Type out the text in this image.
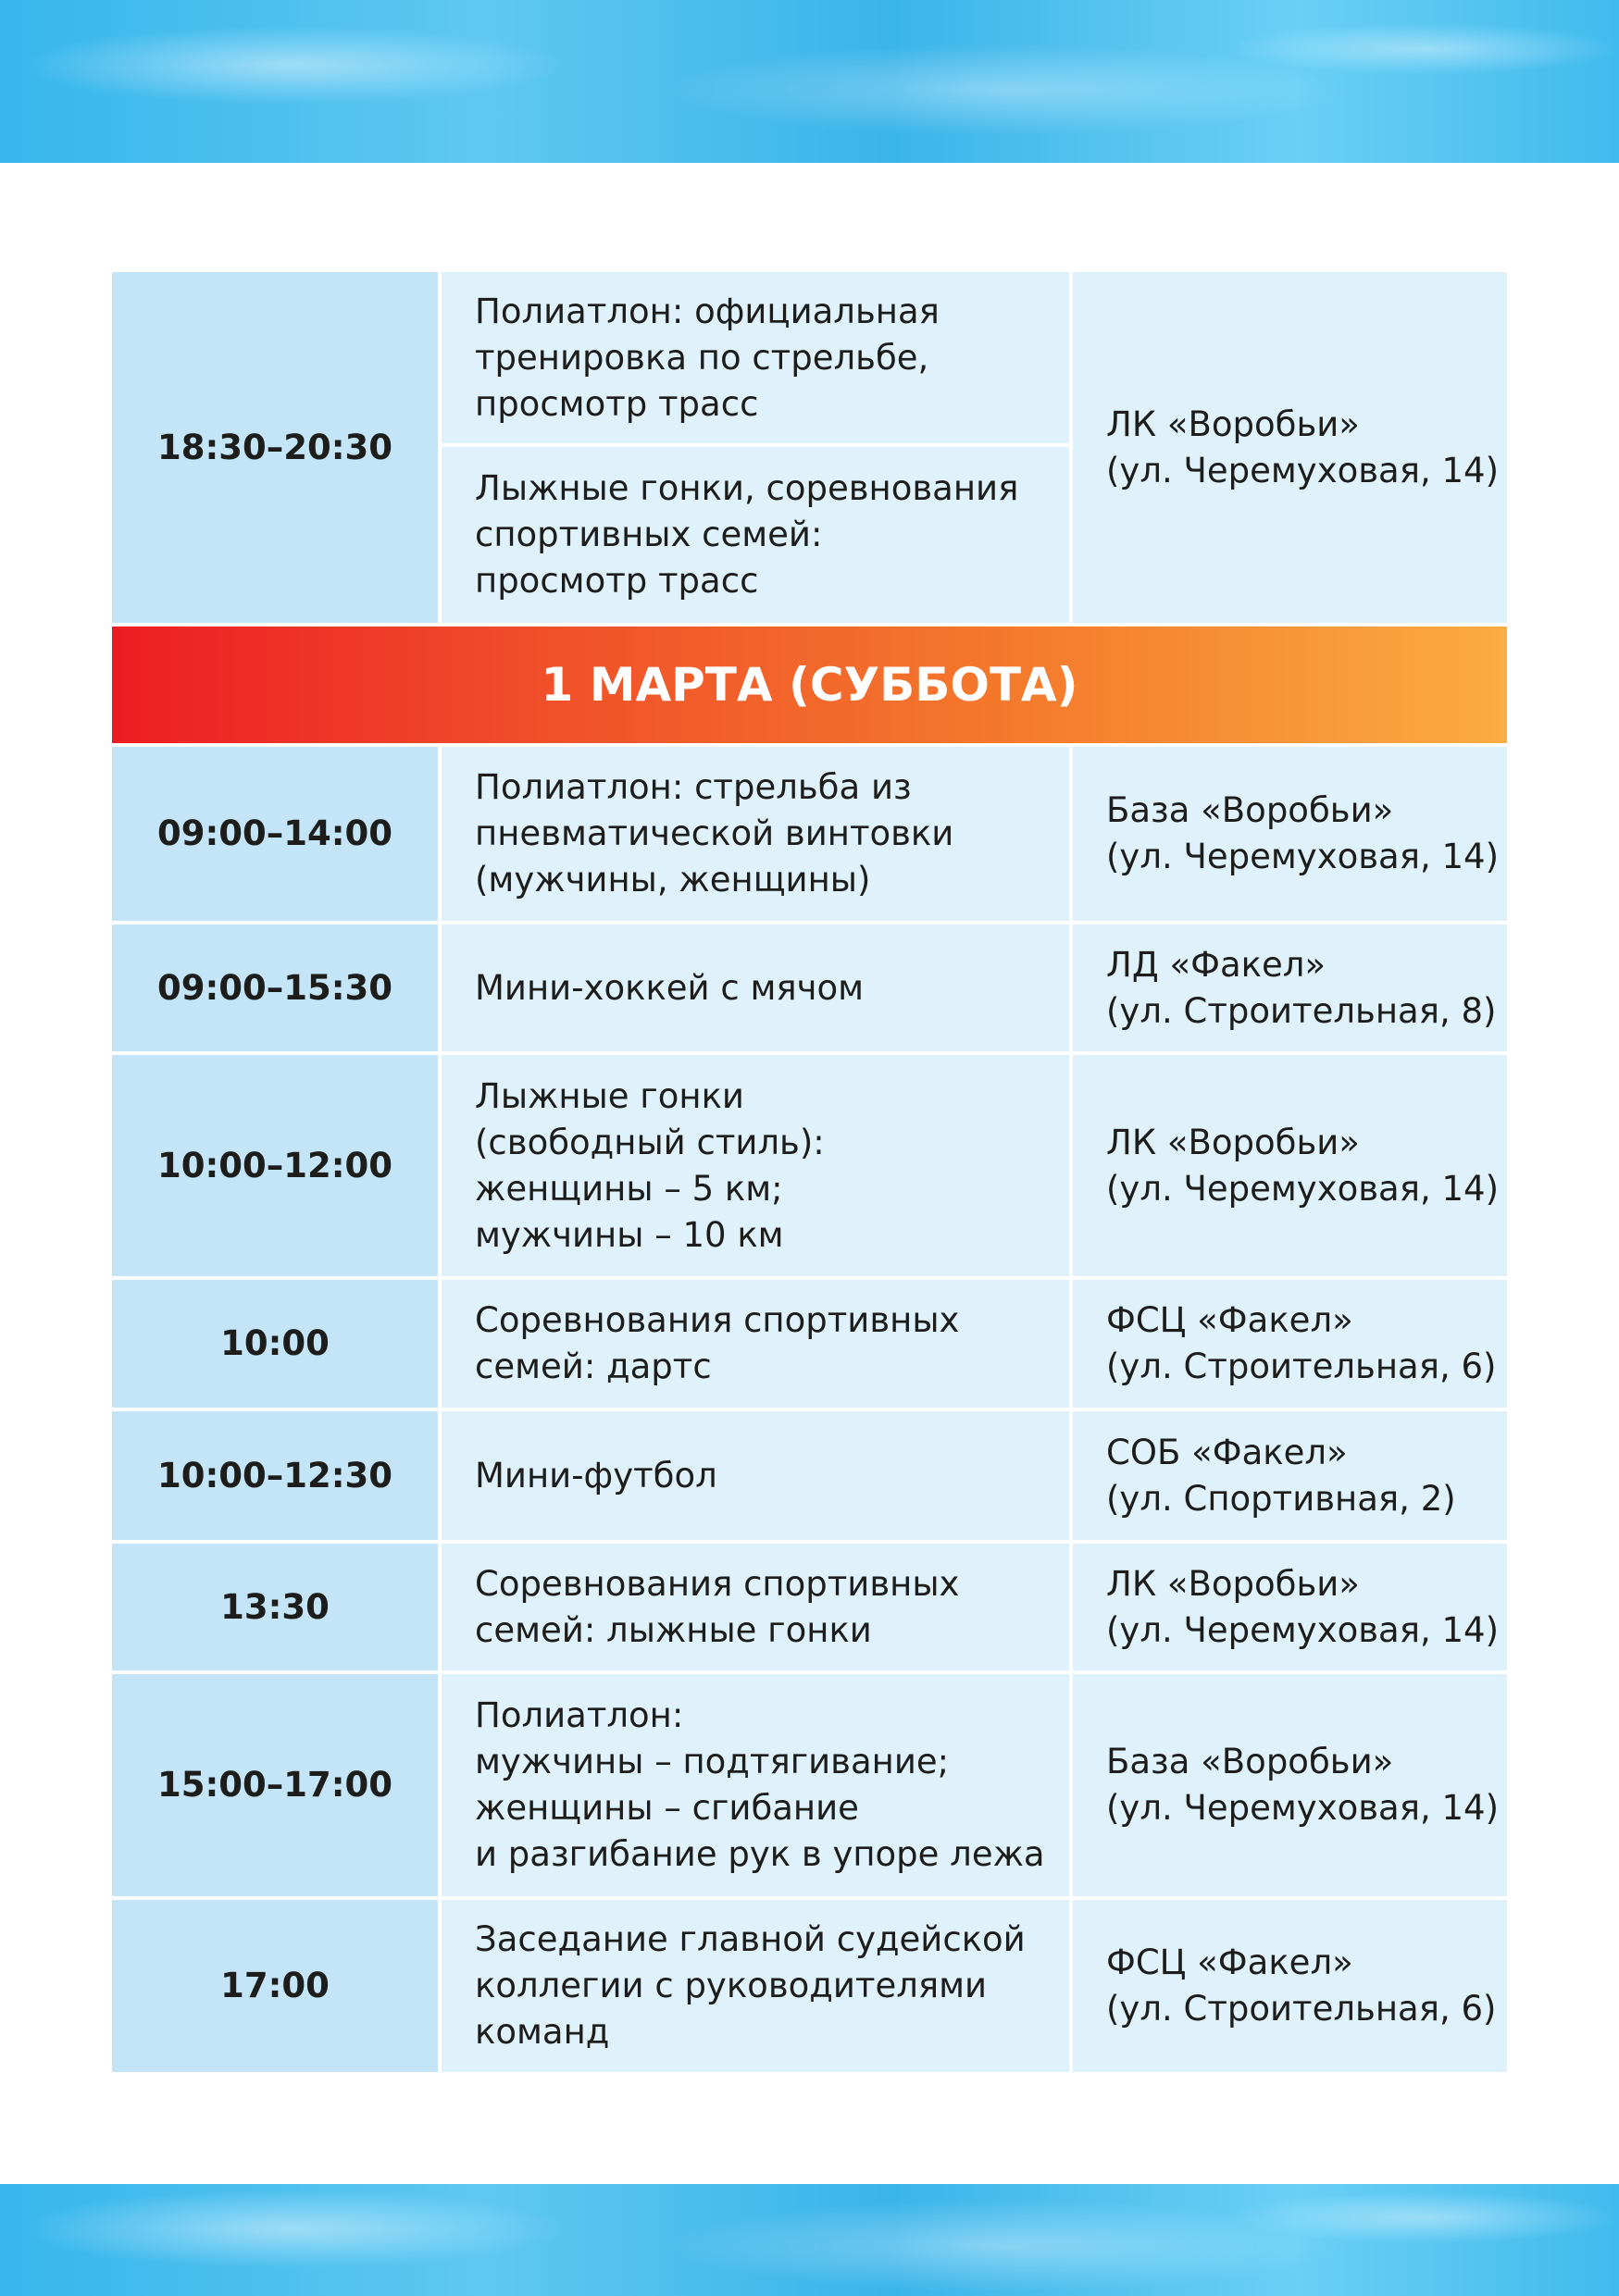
18:30–20:30	Полиатлон: официальная
тренировка по стрельбе,
просмотр трасс	ЛК «Воробьи»
(ул. Черемуховая, 14)
	Лыжные гонки, соревнования
спортивных семей:
просмотр трасс	
1 МАРТА (СУББОТА)		
09:00–14:00	Полиатлон: стрельба из
пневматической винтовки
(мужчины, женщины)	База «Воробьи»
(ул. Черемуховая, 14)
09:00–15:30	Мини-хоккей с мячом	ЛД «Факел»
(ул. Строительная, 8)
10:00–12:00	Лыжные гонки
(свободный стиль):
женщины – 5 км;
мужчины – 10 км	ЛК «Воробьи»
(ул. Черемуховая, 14)
10:00	Соревнования спортивных
семей: дартс	ФСЦ «Факел»
(ул. Строительная, 6)
10:00–12:30	Мини-футбол	СОБ «Факел»
(ул. Спортивная, 2)
13:30	Соревнования спортивных
семей: лыжные гонки	ЛК «Воробьи»
(ул. Черемуховая, 14)
15:00–17:00	Полиатлон:
мужчины – подтягивание;
женщины – сгибание
и разгибание рук в упоре лежа	База «Воробьи»
(ул. Черемуховая, 14)
17:00	Заседание главной судейской
коллегии с руководителями
команд	ФСЦ «Факел»
(ул. Строительная, 6)
